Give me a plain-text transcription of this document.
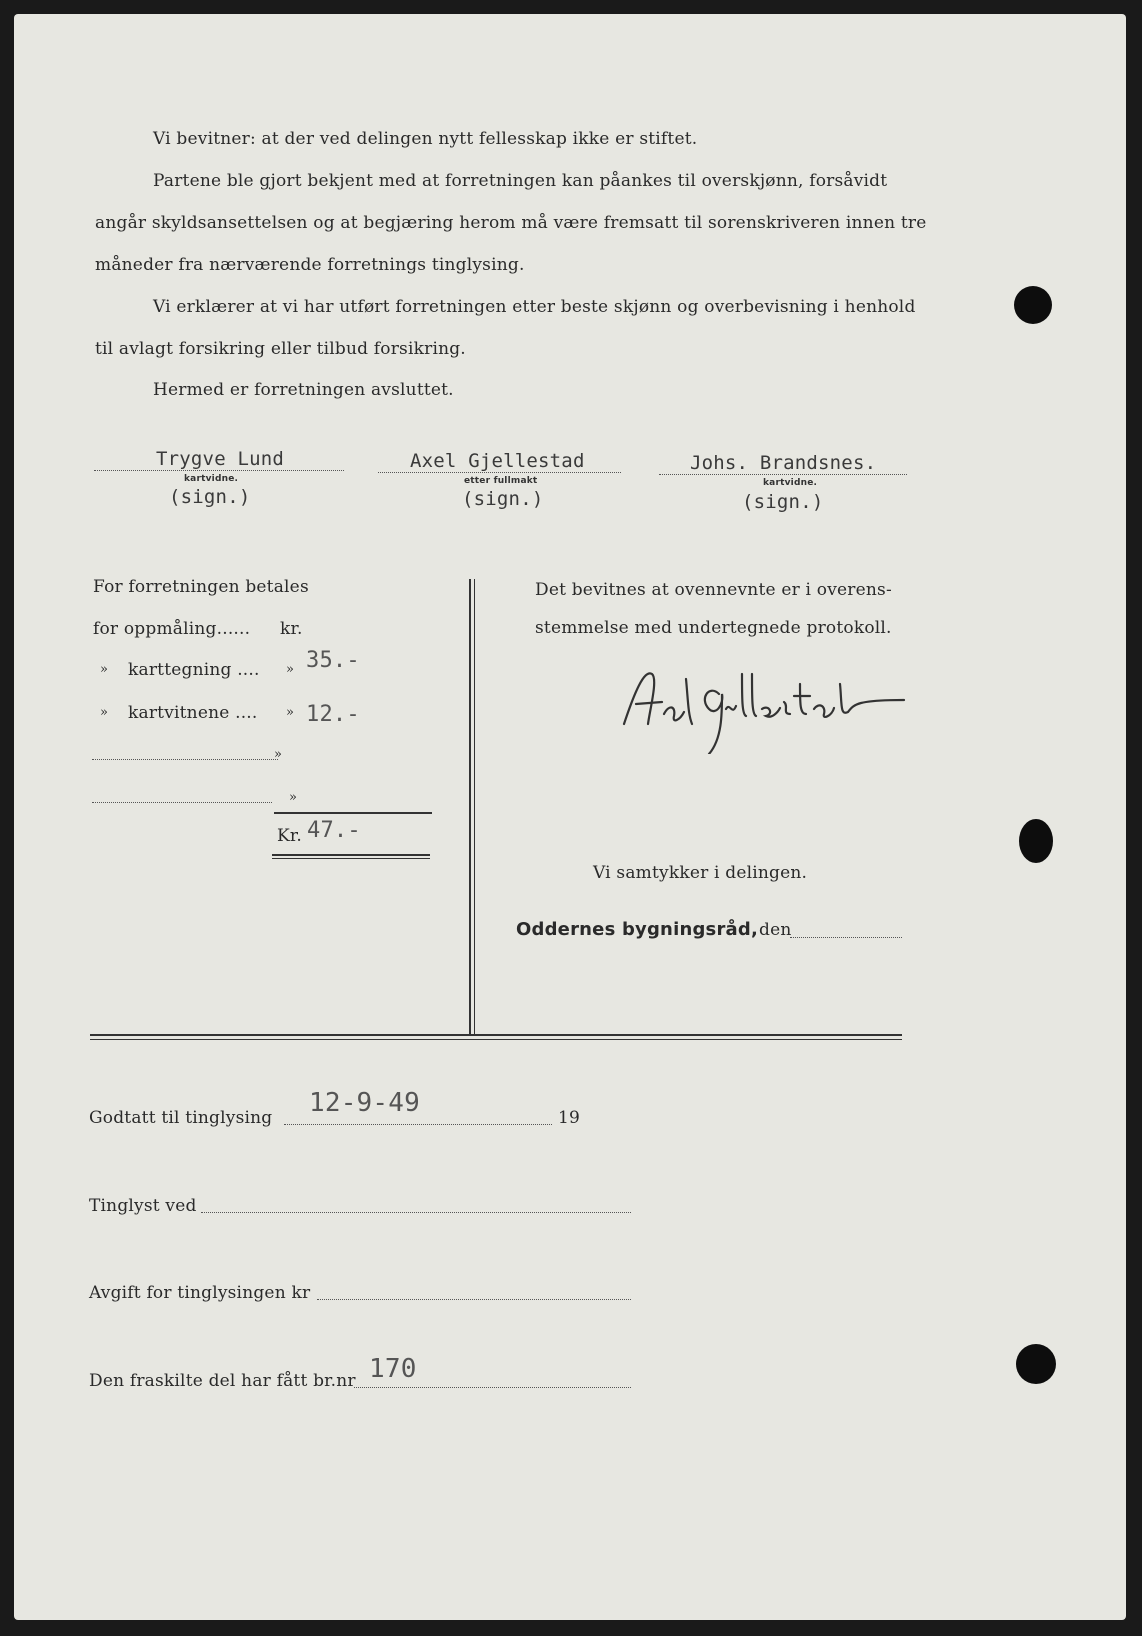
Vi bevitner: at der ved delingen nytt fellesskap ikke er stiftet.
Partene ble gjort bekjent med at forretningen kan påankes til overskjønn, forsåvidt
angår skyldsansettelsen og at begjæring herom må være fremsatt til sorenskriveren innen tre
måneder fra nærværende forretnings tinglysing.
Vi erklærer at vi har utført forretningen etter beste skjønn og overbevisning i henhold
til avlagt forsikring eller tilbud forsikring.
Hermed er forretningen avsluttet.
Trygve Lund
kartvidne.
(sign.)
Axel Gjellestad
etter fullmakt
(sign.)
Johs. Brandsnes.
kartvidne.
(sign.)
For forretningen betales
for oppmåling...... kr.
» karttegning .... » 35.-
» kartvitnene .... » 12.-
»
»
Kr. 47.-
Det bevitnes at ovennevnte er i overens-
stemmelse med undertegnede protokoll.
Vi samtykker i delingen.
Oddernes bygningsråd, den
Godtatt til tinglysing 12-9-49	19
Tinglyst ved
Avgift for tinglysingen kr
Den fraskilte del har fått br.nr 170
